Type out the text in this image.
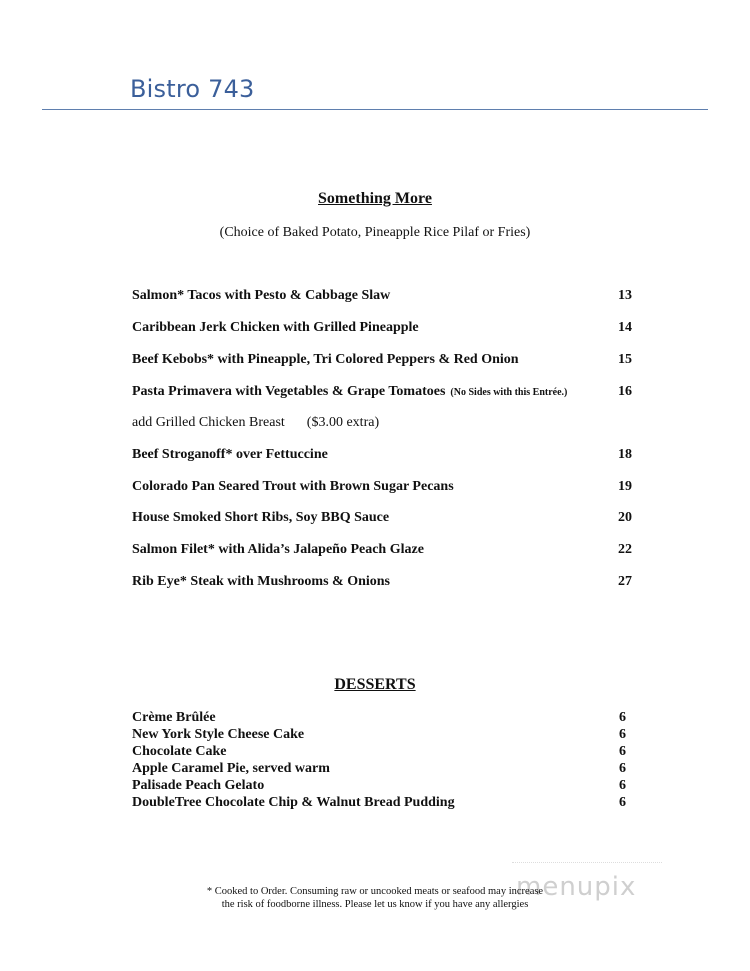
Bistro 743
Something More
(Choice of Baked Potato, Pineapple Rice Pilaf or Fries)
Salmon* Tacos with Pesto & Cabbage Slaw	13
Caribbean Jerk Chicken with Grilled Pineapple	14
Beef Kebobs* with Pineapple, Tri Colored Peppers & Red Onion	15
Pasta Primavera with Vegetables & Grape Tomatoes (No Sides with this Entrée.)	16
add Grilled Chicken Breast ($3.00 extra)
Beef Stroganoff* over Fettuccine	18
Colorado Pan Seared Trout with Brown Sugar Pecans	19
House Smoked Short Ribs, Soy BBQ Sauce	20
Salmon Filet* with Alida’s Jalapeño Peach Glaze	22
Rib Eye* Steak with Mushrooms & Onions	27
DESSERTS
Crème Brûlée	6
New York Style Cheese Cake	6
Chocolate Cake	6
Apple Caramel Pie, served warm	6
Palisade Peach Gelato	6
DoubleTree Chocolate Chip & Walnut Bread Pudding	6
menupix
* Cooked to Order. Consuming raw or uncooked meats or seafood may increase
the risk of foodborne illness. Please let us know if you have any allergies
